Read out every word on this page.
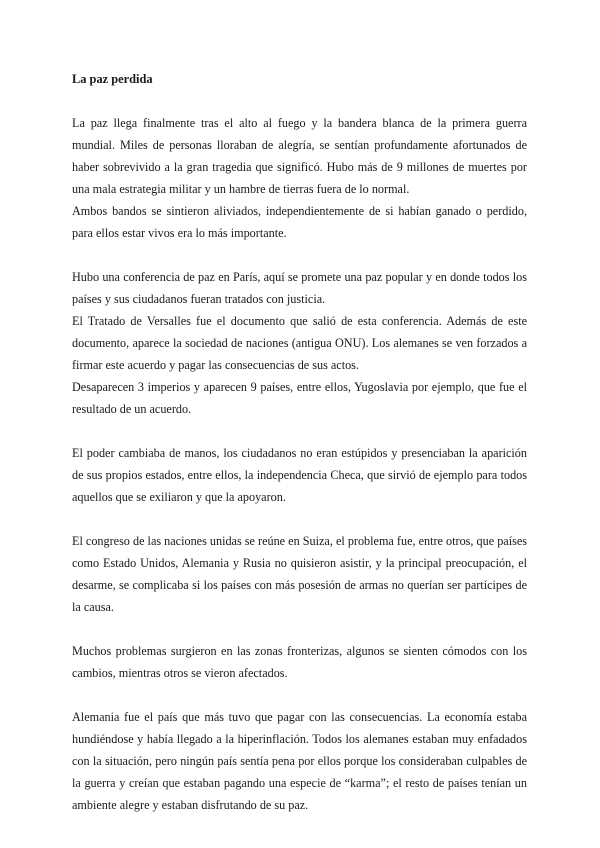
La paz perdida

La paz llega finalmente tras el alto al fuego y la bandera blanca de la primera guerra mundial. Miles de personas lloraban de alegría, se sentían profundamente afortunados de haber sobrevivido a la gran tragedia que significó. Hubo más de 9 millones de muertes por una mala estrategia militar y un hambre de tierras fuera de lo normal.

Ambos bandos se sintieron aliviados, independientemente de si habían ganado o perdido, para ellos estar vivos era lo más importante.

Hubo una conferencia de paz en París, aquí se promete una paz popular y en donde todos los países y sus ciudadanos fueran tratados con justicia.

El Tratado de Versalles fue el documento que salió de esta conferencia. Además de este documento, aparece la sociedad de naciones (antigua ONU). Los alemanes se ven forzados a firmar este acuerdo y pagar las consecuencias de sus actos.

Desaparecen 3 imperios y aparecen 9 países, entre ellos, Yugoslavia por ejemplo, que fue el resultado de un acuerdo.

El poder cambiaba de manos, los ciudadanos no eran estúpidos y presenciaban la aparición de sus propios estados, entre ellos, la independencia Checa, que sirvió de ejemplo para todos aquellos que se exiliaron y que la apoyaron.

El congreso de las naciones unidas se reúne en Suiza, el problema fue, entre otros, que países como Estado Unidos, Alemania y Rusia no quisieron asistir, y la principal preocupación, el desarme, se complicaba si los países con más posesión de armas no querían ser partícipes de la causa.

Muchos problemas surgieron en las zonas fronterizas, algunos se sienten cómodos con los cambios, mientras otros se vieron afectados.

Alemania fue el país que más tuvo que pagar con las consecuencias. La economía estaba hundiéndose y había llegado a la hiperinflación. Todos los alemanes estaban muy enfadados con la situación, pero ningún país sentía pena por ellos porque los consideraban culpables de la guerra y creían que estaban pagando una especie de “karma”; el resto de países tenían un ambiente alegre y estaban disfrutando de su paz.
